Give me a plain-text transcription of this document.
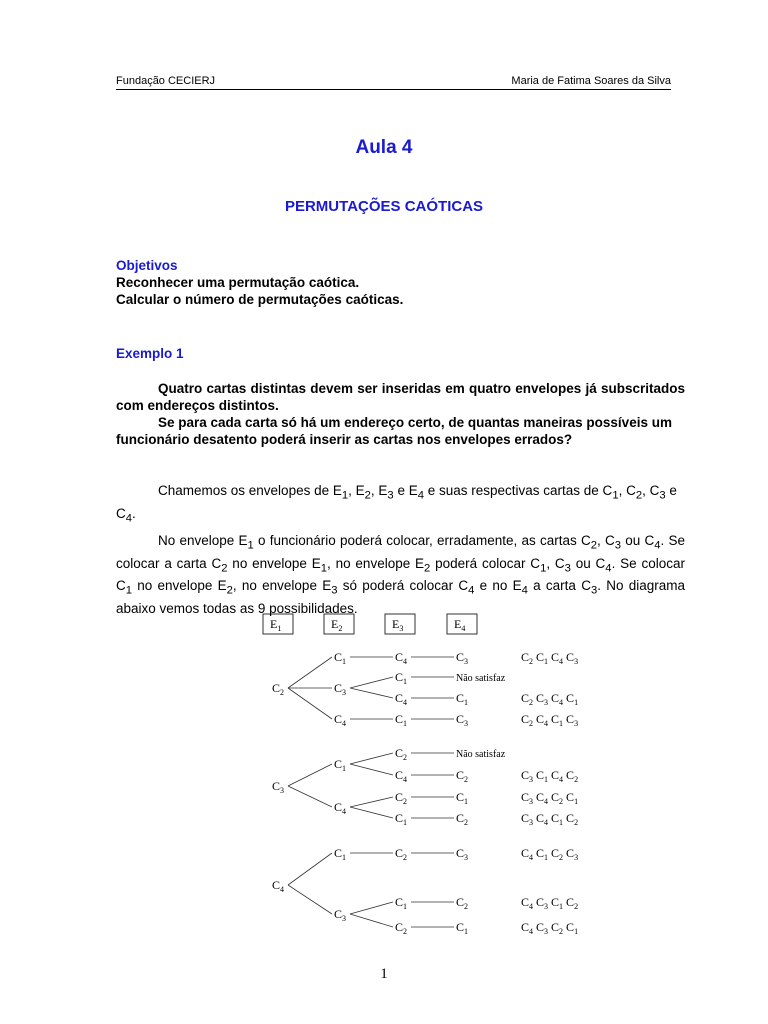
Fundação CECIERJ	Maria de Fatima Soares da Silva
Aula 4
PERMUTAÇÕES CAÓTICAS
Objetivos
Reconhecer uma permutação caótica.
Calcular o número de permutações caóticas.
Exemplo 1
Quatro cartas distintas devem ser inseridas em quatro envelopes já subscritados com endereços distintos.
Se para cada carta só há um endereço certo, de quantas maneiras possíveis um funcionário desatento poderá inserir as cartas nos envelopes errados?
Chamemos os envelopes de $E_1$, $E_2$, $E_3$ e $E_4$ e suas respectivas cartas de $C_1$, $C_2$, $C_3$ e $C_4$.
No envelope $E_1$ o funcionário poderá colocar, erradamente, as cartas $C_2$, $C_3$ ou $C_4$. Se colocar a carta $C_2$ no envelope $E_1$, no envelope $E_2$ poderá colocar $C_1$, $C_3$ ou $C_4$. Se colocar $C_1$ no envelope $E_2$, no envelope $E_3$ só poderá colocar $C_4$ e no $E_4$ a carta $C_3$. No diagrama abaixo vemos todas as 9 possibilidades.
$E_1$	$E_2$	$E_3$	$E_4$
$C_2$
$C_3$
$C_4$
$C_3$
$C_1$
$C_4$
$C_3$
$C_1$	$C_4$	$C_3$	$C_2$ $C_1$ $C_4$ $C_3$
$C_1$	Não satisfaz
$C_4$	$C_1$	$C_2$ $C_3$ $C_4$ $C_1$
$C_4$	$C_1$	$C_3$	$C_2$ $C_4$ $C_1$ $C_3$
$C_2$	Não satisfaz
$C_4$	$C_2$	$C_3$ $C_1$ $C_4$ $C_2$
$C_2$	$C_1$	$C_3$ $C_4$ $C_2$ $C_1$
$C_1$	$C_2$	$C_3$ $C_4$ $C_1$ $C_2$
$C_1$	$C_2$	$C_3$	$C_4$ $C_1$ $C_2$ $C_3$
$C_1$	$C_2$	$C_4$ $C_3$ $C_1$ $C_2$
$C_2$	$C_1$	$C_4$ $C_3$ $C_2$ $C_1$
1
